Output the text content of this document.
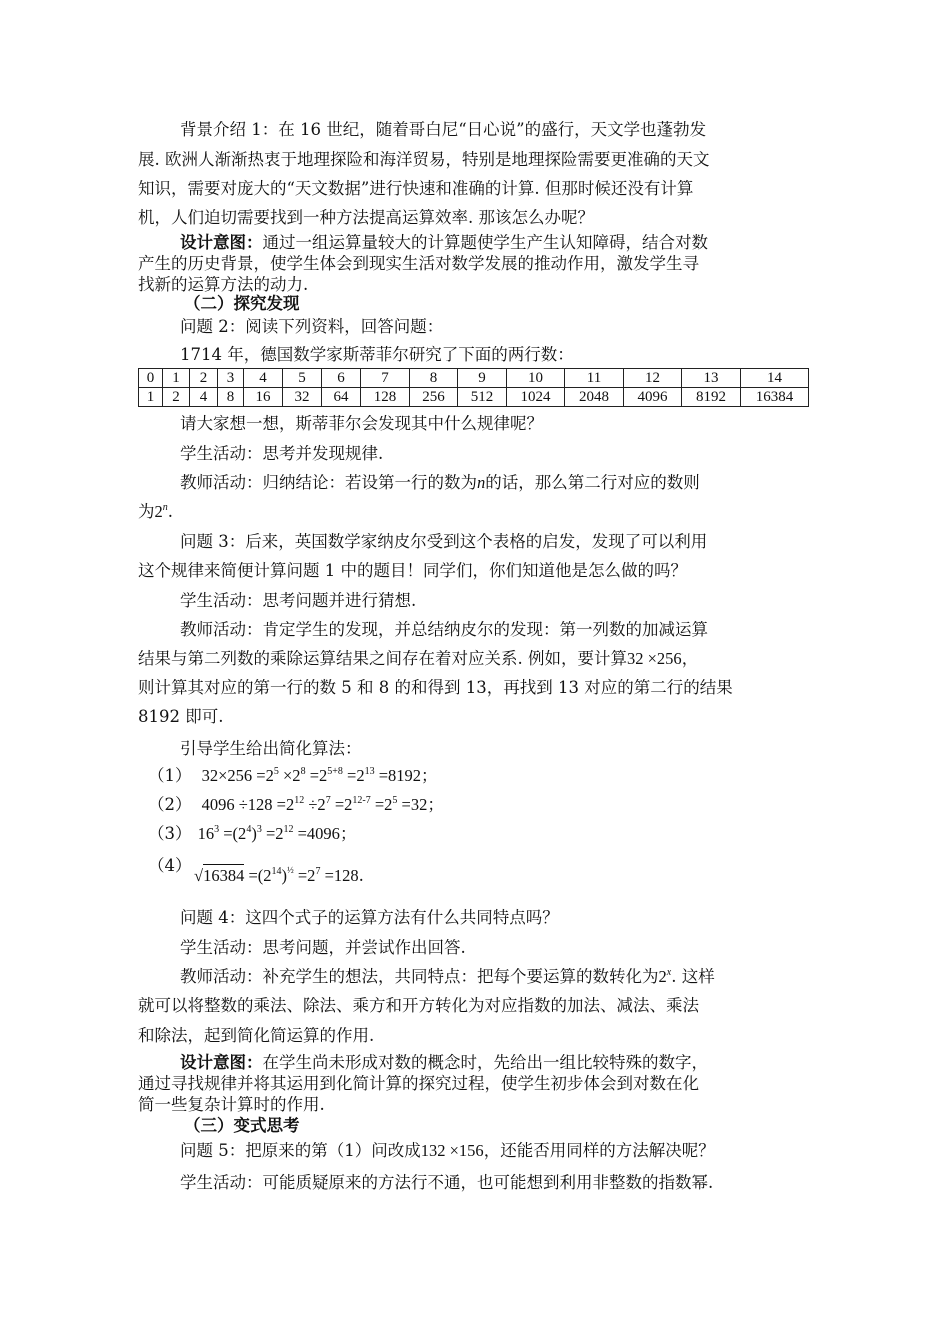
背景介绍 1：在 16 世纪，随着哥白尼“日心说”的盛行，天文学也蓬勃发
展. 欧洲人渐渐热衷于地理探险和海洋贸易，特别是地理探险需要更准确的天文
知识，需要对庞大的“天文数据”进行快速和准确的计算. 但那时候还没有计算
机，人们迫切需要找到一种方法提高运算效率. 那该怎么办呢？
设计意图：通过一组运算量较大的计算题使学生产生认知障碍，结合对数
产生的历史背景，使学生体会到现实生活对数学发展的推动作用，激发学生寻
找新的运算方法的动力.
（二）探究发现
问题 2：阅读下列资料，回答问题：
1714 年，德国数学家斯蒂菲尔研究了下面的两行数：
0	1	2	3	4	5	6	7	8	9	10	11	12	13	14
1	2	4	8	16	32	64	128	256	512	1024	2048	4096	8192	16384
请大家想一想，斯蒂菲尔会发现其中什么规律呢？
学生活动：思考并发现规律.
教师活动：归纳结论：若设第一行的数为n的话，那么第二行对应的数则
为2$^n$.
问题 3：后来，英国数学家纳皮尔受到这个表格的启发，发现了可以利用
这个规律来简便计算问题 1 中的题目！同学们，你们知道他是怎么做的吗？
学生活动：思考问题并进行猜想.
教师活动：肯定学生的发现，并总结纳皮尔的发现：第一列数的加减运算
结果与第二列数的乘除运算结果之间存在着对应关系. 例如，要计算32 ×256，
则计算其对应的第一行的数 5 和 8 的和得到 13，再找到 13 对应的第二行的结果
8192 即可.
引导学生给出简化算法：
（1） $32\times 256 =2^5 \times 2^8 =2^{5+8} =2^{13} =8192$；
（2） $4096 \div 128 =2^{12} \div 2^7 =2^{12-7} =2^5 =32$；
（3） $16^3 =(2^4)^3 =2^{12} =4096$；
（4）
$√16384 =(2^{14})^{\frac{1}{2}} =2^7 =128$.
问题 4：这四个式子的运算方法有什么共同特点吗？
学生活动：思考问题，并尝试作出回答.
教师活动：补充学生的想法，共同特点：把每个要运算的数转化为2$^x$. 这样
就可以将整数的乘法、除法、乘方和开方转化为对应指数的加法、减法、乘法
和除法，起到简化简运算的作用.
设计意图：在学生尚未形成对数的概念时，先给出一组比较特殊的数字，
通过寻找规律并将其运用到化简计算的探究过程，使学生初步体会到对数在化
简一些复杂计算时的作用.
（三）变式思考
问题 5：把原来的第（1）问改成132 ×156，还能否用同样的方法解决呢？
学生活动：可能质疑原来的方法行不通，也可能想到利用非整数的指数幂.
